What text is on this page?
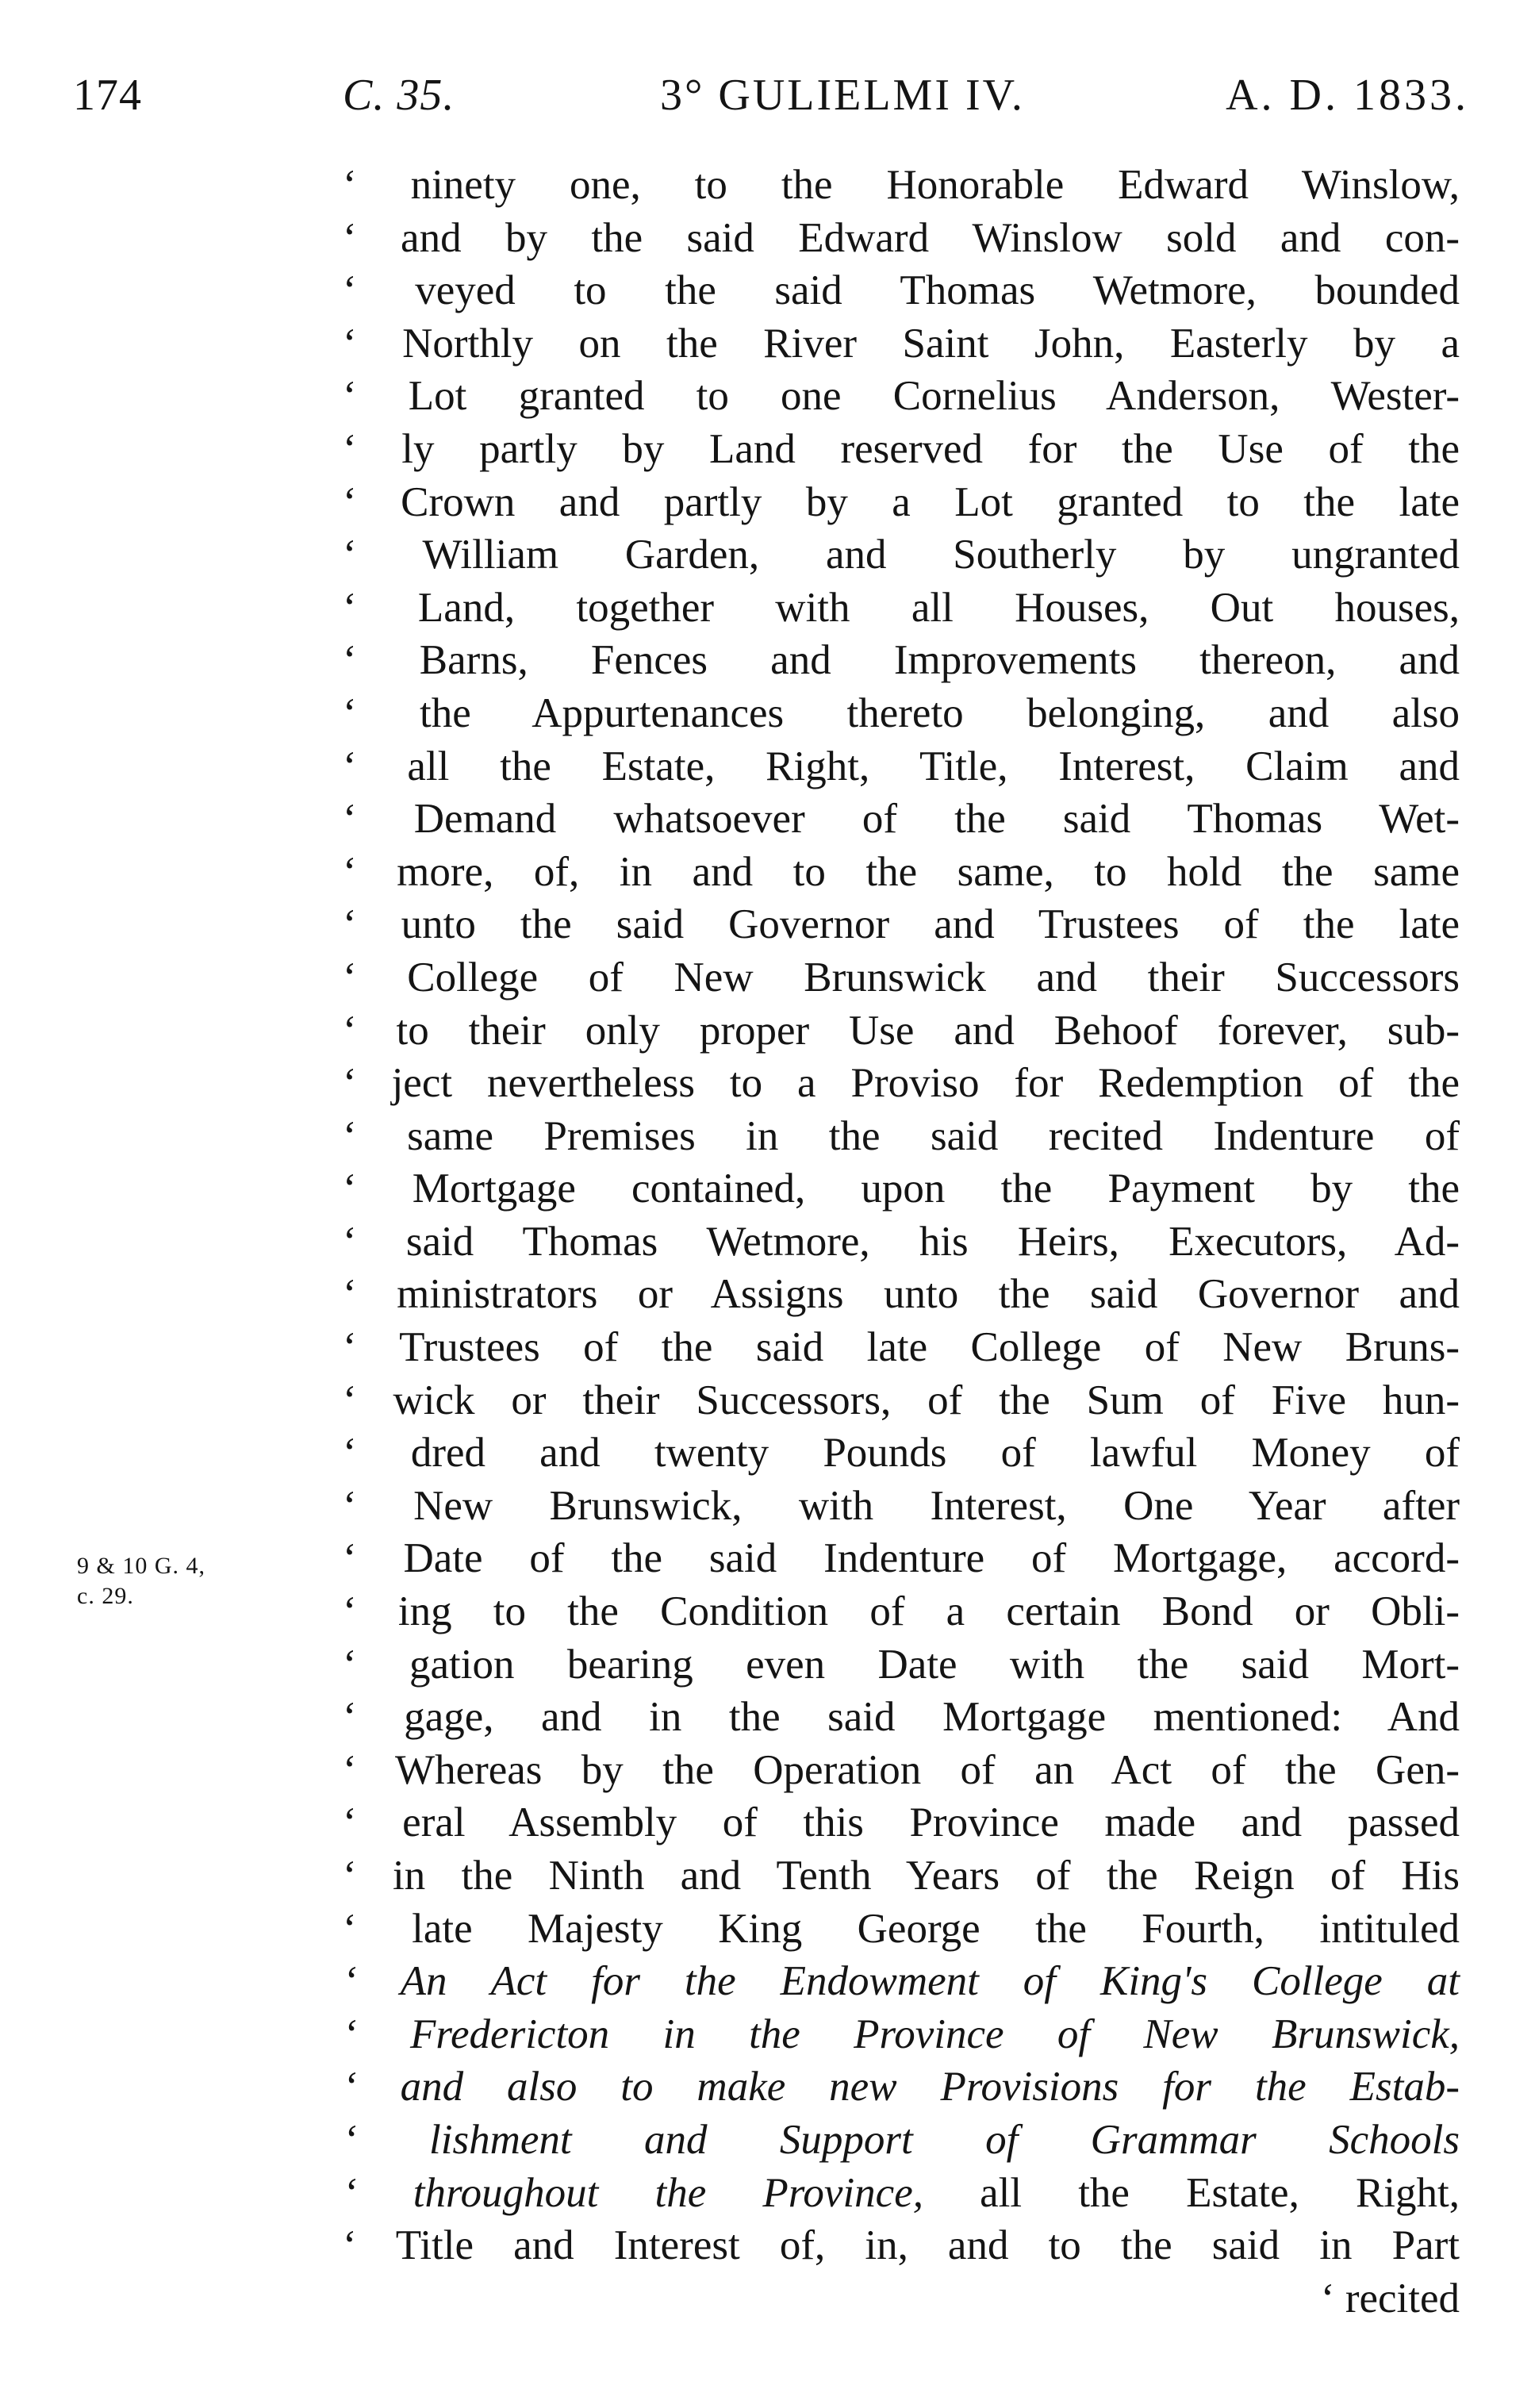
174	C. 35.	3° GULIELMI IV.	A. D. 1833.
9 & 10 G. 4,
c. 29.
‘ ninety one, to the Honorable Edward Winslow,
‘ and by the said Edward Winslow sold and con-
‘ veyed to the said Thomas Wetmore, bounded
‘ Northly on the River Saint John, Easterly by a
‘ Lot granted to one Cornelius Anderson, Wester-
‘ ly partly by Land reserved for the Use of the
‘ Crown and partly by a Lot granted to the late
‘ William Garden, and Southerly by ungranted
‘ Land, together with all Houses, Out houses,
‘ Barns, Fences and Improvements thereon, and
‘ the Appurtenances thereto belonging, and also
‘ all the Estate, Right, Title, Interest, Claim and
‘ Demand whatsoever of the said Thomas Wet-
‘ more, of, in and to the same, to hold the same
‘ unto the said Governor and Trustees of the late
‘ College of New Brunswick and their Successors
‘ to their only proper Use and Behoof forever, sub-
‘ ject nevertheless to a Proviso for Redemption of the
‘ same Premises in the said recited Indenture of
‘ Mortgage contained, upon the Payment by the
‘ said Thomas Wetmore, his Heirs, Executors, Ad-
‘ ministrators or Assigns unto the said Governor and
‘ Trustees of the said late College of New Bruns-
‘ wick or their Successors, of the Sum of Five hun-
‘ dred and twenty Pounds of lawful Money of
‘ New Brunswick, with Interest, One Year after
‘ Date of the said Indenture of Mortgage, accord-
‘ ing to the Condition of a certain Bond or Obli-
‘ gation bearing even Date with the said Mort-
‘ gage, and in the said Mortgage mentioned: And
‘ Whereas by the Operation of an Act of the Gen-
‘ eral Assembly of this Province made and passed
‘ in the Ninth and Tenth Years of the Reign of His
‘ late Majesty King George the Fourth, intituled
‘ An Act for the Endowment of King's College at
‘ Fredericton in the Province of New Brunswick,
‘ and also to make new Provisions for the Estab-
‘ lishment and Support of Grammar Schools
‘ throughout the Province, all the Estate, Right,
‘ Title and Interest of, in, and to the said in Part
‘ recited
